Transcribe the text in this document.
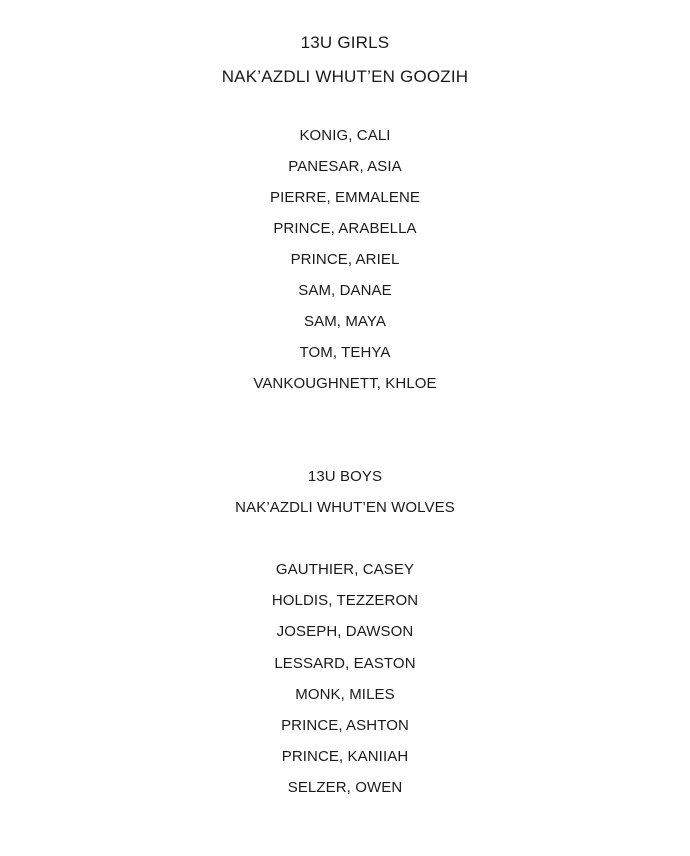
13U GIRLS
NAK’AZDLI WHUT’EN GOOZIH
KONIG, CALI
PANESAR, ASIA
PIERRE, EMMALENE
PRINCE, ARABELLA
PRINCE, ARIEL
SAM, DANAE
SAM, MAYA
TOM, TEHYA
VANKOUGHNETT, KHLOE
13U BOYS
NAK’AZDLI WHUT’EN WOLVES
GAUTHIER, CASEY
HOLDIS, TEZZERON
JOSEPH, DAWSON
LESSARD, EASTON
MONK, MILES
PRINCE, ASHTON
PRINCE, KANIIAH
SELZER, OWEN
